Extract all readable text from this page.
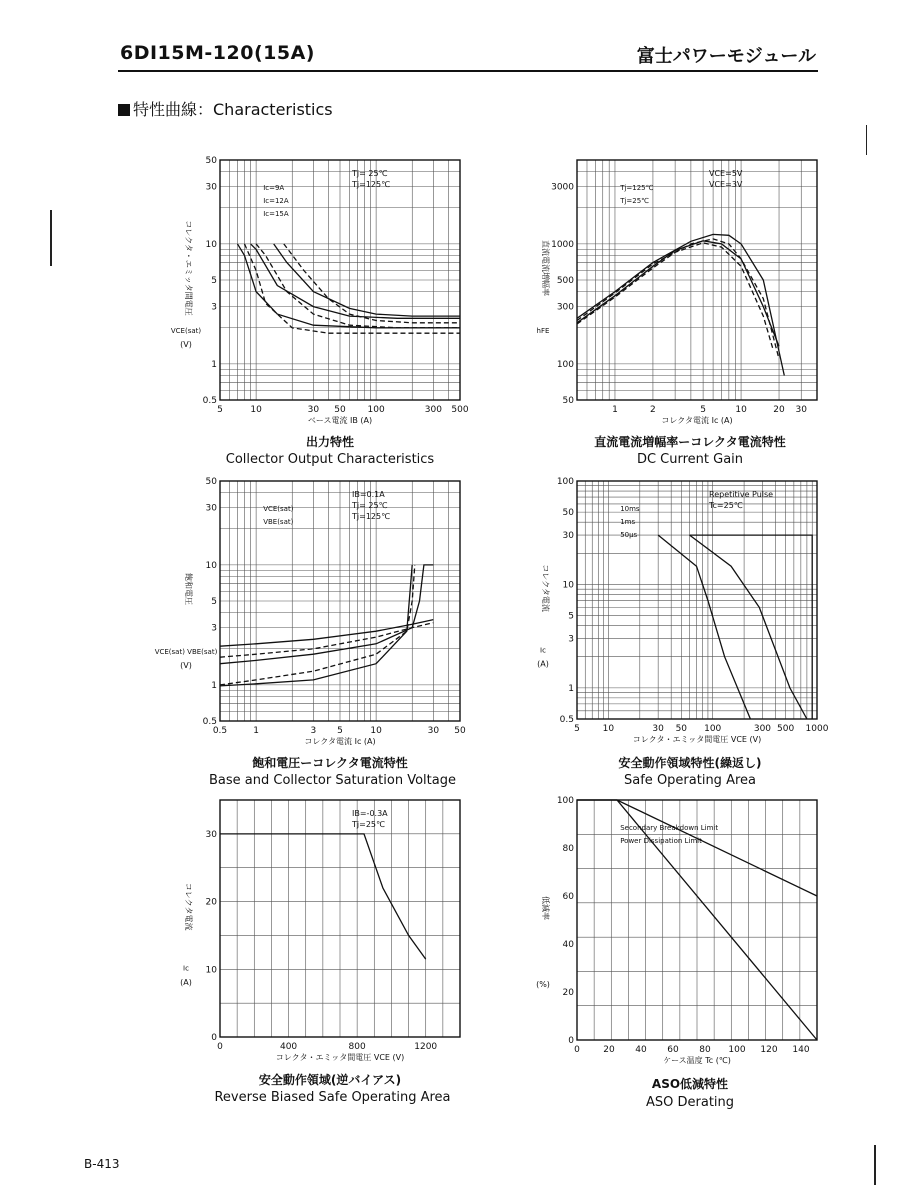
6DI15M-120(15A)	富士パワーモジュール
特性曲線：Characteristics
5	10	30 50 100	300 500
0.5
1
3
5
10
30
50
ベース電流 IB (A)
コレクタ・エミッタ間電圧
VCE(sat)
(V)
Tj= 25℃
Tj=125℃
Ic=9A
Ic=12A
Ic=15A
1	2	5	10	20 30
50
100
300
500
1000
3000
コレクタ電流 Ic (A)
直流電流増幅率
hFE
VCE=5V
VCE=3V
Tj=125℃
Tj=25℃
0.5	1	3 5	10	30 50
0.5
1
3
5
10
30
50
コレクタ電流 Ic (A)
飽和電圧
VCE(sat) VBE(sat)
(V)
IB=0.1A
Tj= 25℃
Tj=125℃
VCE(sat)
VBE(sat)
5	10	30 50 100	300 500 1000
0.5
1
3
5
10
30
50
100
コレクタ・エミッタ間電圧 VCE (V)
コレクタ電流
Ic
(A)
Repetitive Pulse
Tc=25℃
10ms
1ms
50μs
0	400	800	1200
0
10
20
30
コレクタ・エミッタ間電圧 VCE (V)
コレクタ電流
Ic
(A)
IB=-0.3A
Tj=25℃
0	20 40 60 80 100 120 140
0
20
40
60
80
100
ケース温度 Tc (℃)
低減率
(%)
Secondary Breakdown Limit
Power Dissipation Limit
出力特性
Collector Output Characteristics
直流電流増幅率ーコレクタ電流特性
DC Current Gain
飽和電圧ーコレクタ電流特性
Base and Collector Saturation Voltage
安全動作領域特性(繰返し)
Safe Operating Area
安全動作領域(逆バイアス)
Reverse Biased Safe Operating Area
ASO低減特性
ASO Derating
B-413
